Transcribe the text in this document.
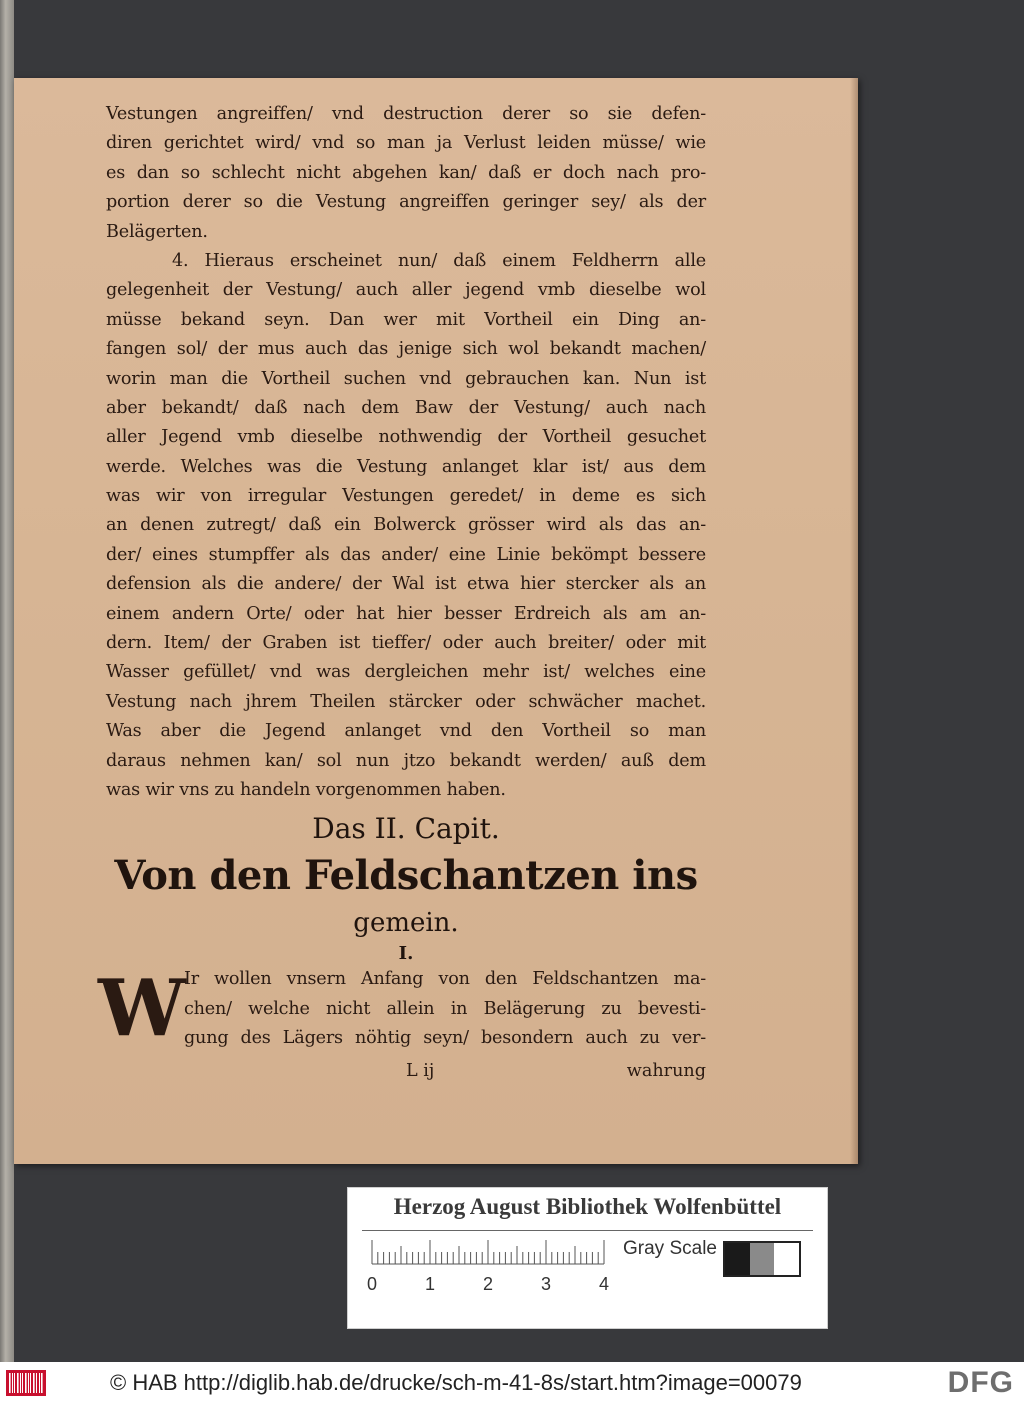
Vestungen angreiffen/ vnd destruction derer so sie defen-
diren gerichtet wird/ vnd so man ja Verlust leiden müsse/ wie
es dan so schlecht nicht abgehen kan/ daß er doch nach pro-
portion derer so die Vestung angreiffen geringer sey/ als der
Belägerten.
4. Hieraus erscheinet nun/ daß einem Feldherrn alle
gelegenheit der Vestung/ auch aller jegend vmb dieselbe wol
müsse bekand seyn. Dan wer mit Vortheil ein Ding an-
fangen sol/ der mus auch das jenige sich wol bekandt machen/
worin man die Vortheil suchen vnd gebrauchen kan. Nun ist
aber bekandt/ daß nach dem Baw der Vestung/ auch nach
aller Jegend vmb dieselbe nothwendig der Vortheil gesuchet
werde. Welches was die Vestung anlanget klar ist/ aus dem
was wir von irregular Vestungen geredet/ in deme es sich
an denen zutregt/ daß ein Bolwerck grösser wird als das an-
der/ eines stumpffer als das ander/ eine Linie bekömpt bessere
defension als die andere/ der Wal ist etwa hier stercker als an
einem andern Orte/ oder hat hier besser Erdreich als am an-
dern. Item/ der Graben ist tieffer/ oder auch breiter/ oder mit
Wasser gefüllet/ vnd was dergleichen mehr ist/ welches eine
Vestung nach jhrem Theilen stärcker oder schwächer machet.
Was aber die Jegend anlanget vnd den Vortheil so man
daraus nehmen kan/ sol nun jtzo bekandt werden/ auß dem
was wir vns zu handeln vorgenommen haben.
Das II. Capit.
Von den Feldschantzen ins
gemein.
I.
W
Ir wollen vnsern Anfang von den Feldschantzen ma-
chen/ welche nicht allein in Belägerung zu bevesti-
gung des Lägers nöhtig seyn/ besondern auch zu ver-
L ij	wahrung
Herzog August Bibliothek Wolfenbüttel
0	1	2	3	4
Gray Scale
© HAB http://diglib.hab.de/drucke/sch-m-41-8s/start.htm?image=00079	DFG
